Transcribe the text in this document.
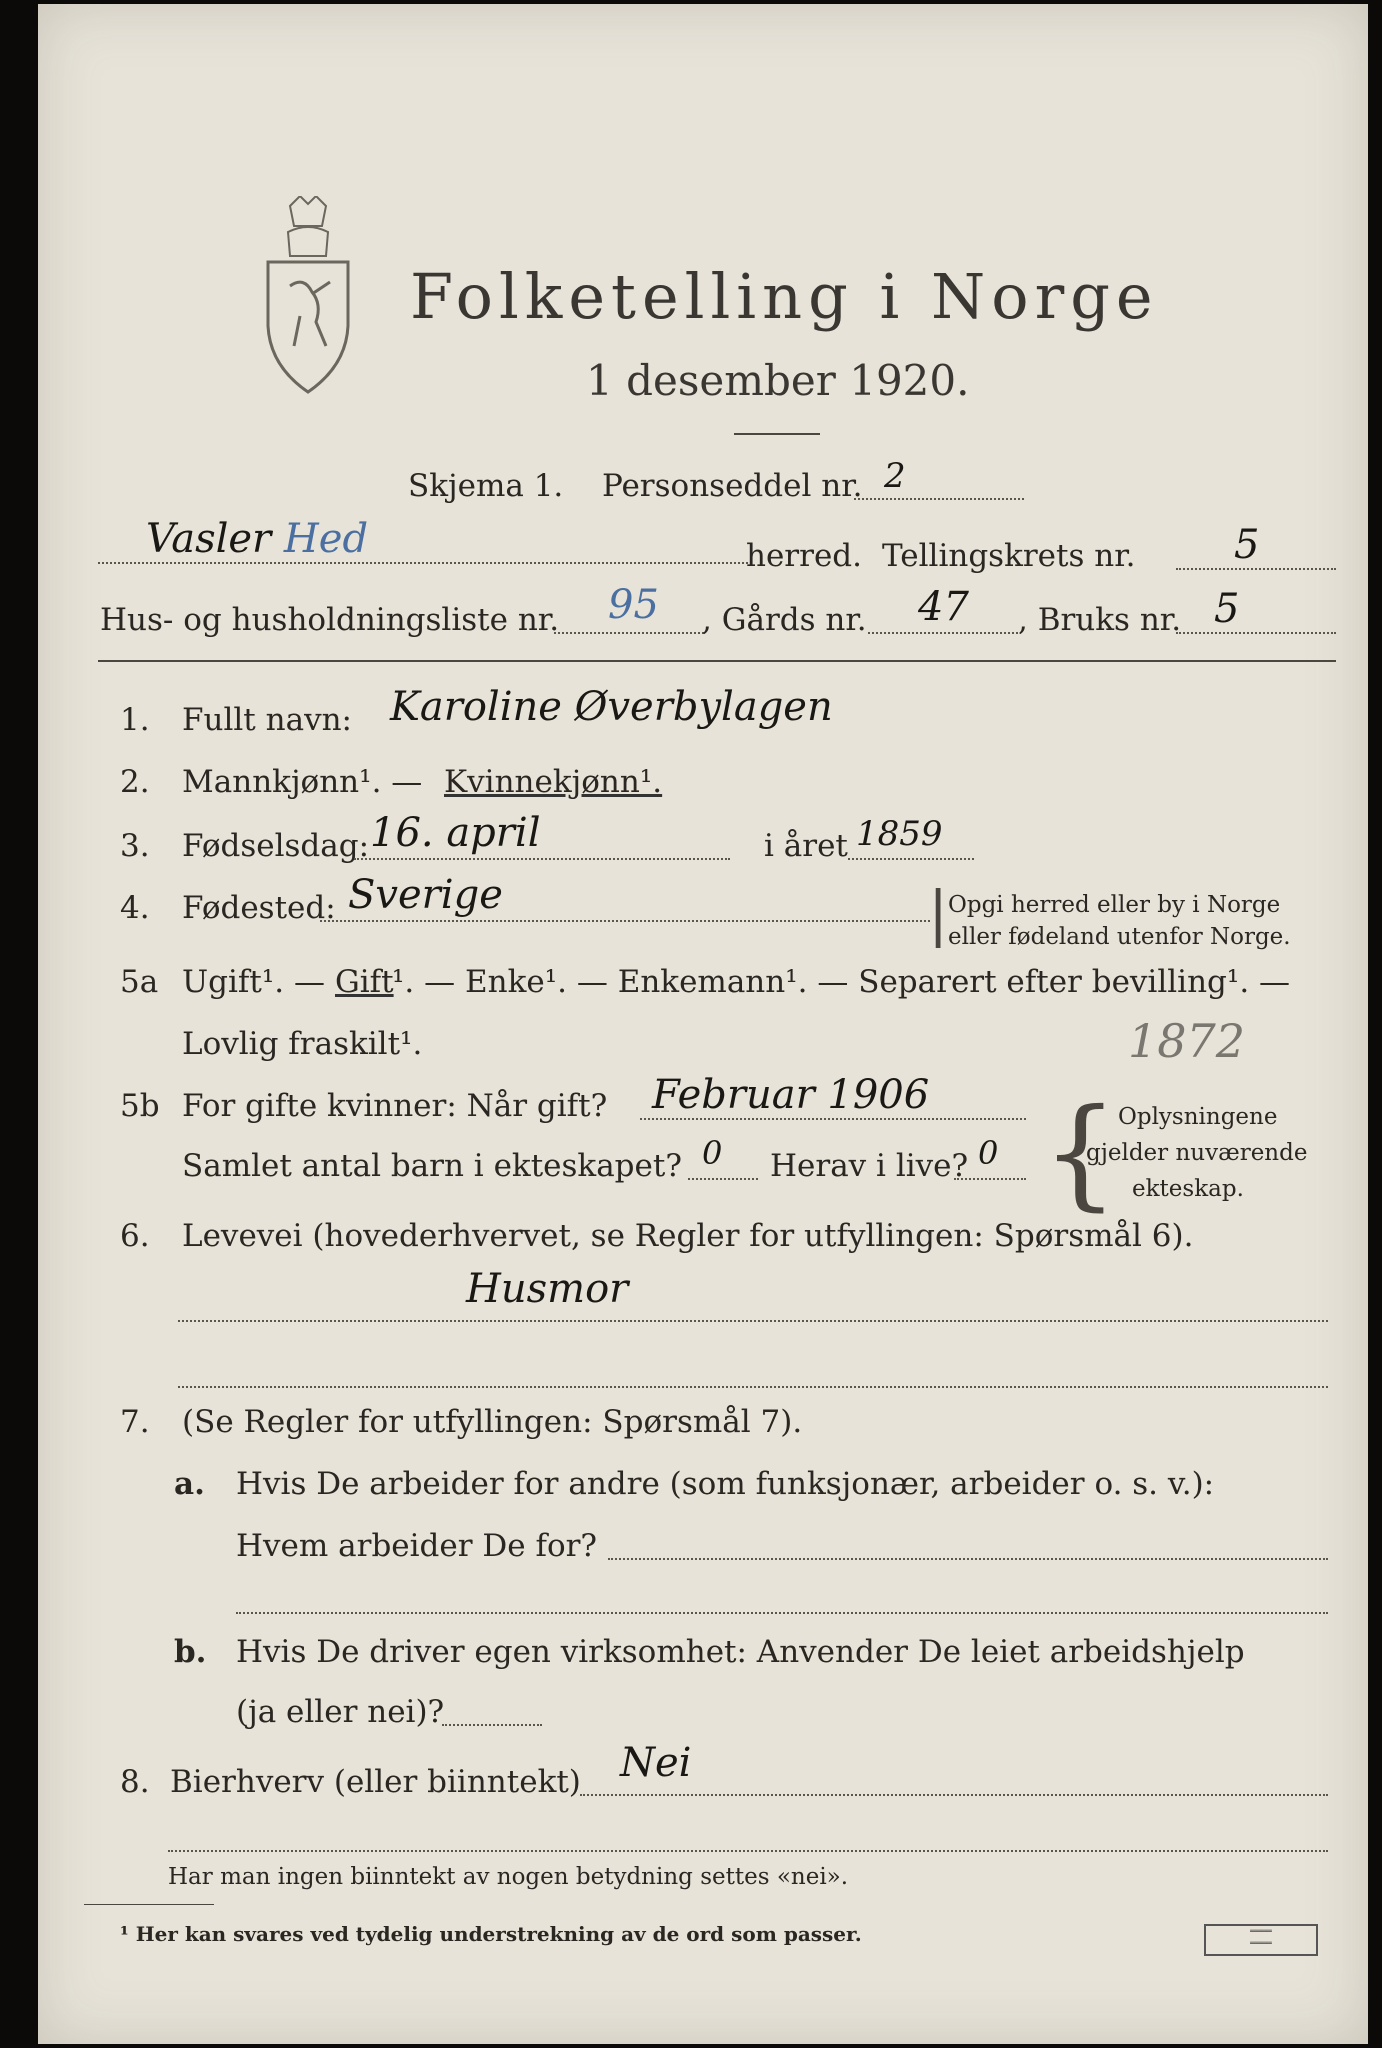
Folketelling i Norge
1 desember 1920.
Skjema 1. Personseddel nr. 2
Vasler Hed	herred. Tellingskrets nr. 5
Hus- og husholdningsliste nr. 95 , Gårds nr. 47 , Bruks nr. 5
1. Fullt navn: Karoline Øverbylagen
2. Mannkjønn¹. — Kvinnekjønn¹.
3. Fødselsdag: 16. april	i året 1859
4. Fødested: Sverige	| Opgi herred eller by i Norge
eller fødeland utenfor Norge.
5a Ugift¹. — Gift
¹. — Enke¹. — Enkemann¹. — Separert efter bevilling¹. —
Lovlig fraskilt¹.	1872
5b For gifte kvinner: Når gift? Februar 1906
Samlet antal barn i ekteskapet? 0 Herav i live? 0 { Oplysningene
gjelder nuværende
ekteskap.
6. Levevei (hovederhvervet, se Regler for utfyllingen: Spørsmål 6).
Husmor
7. (Se Regler for utfyllingen: Spørsmål 7).
a. Hvis De arbeider for andre (som funksjonær, arbeider o. s. v.):
Hvem arbeider De for?
b. Hvis De driver egen virksomhet: Anvender De leiet arbeidshjelp
(ja eller nei)?
8. Bierhverv (eller biinntekt) Nei
Har man ingen biinntekt av nogen betydning settes «nei».
¹ Her kan svares ved tydelig understrekning av de ord som passer.	════
════
